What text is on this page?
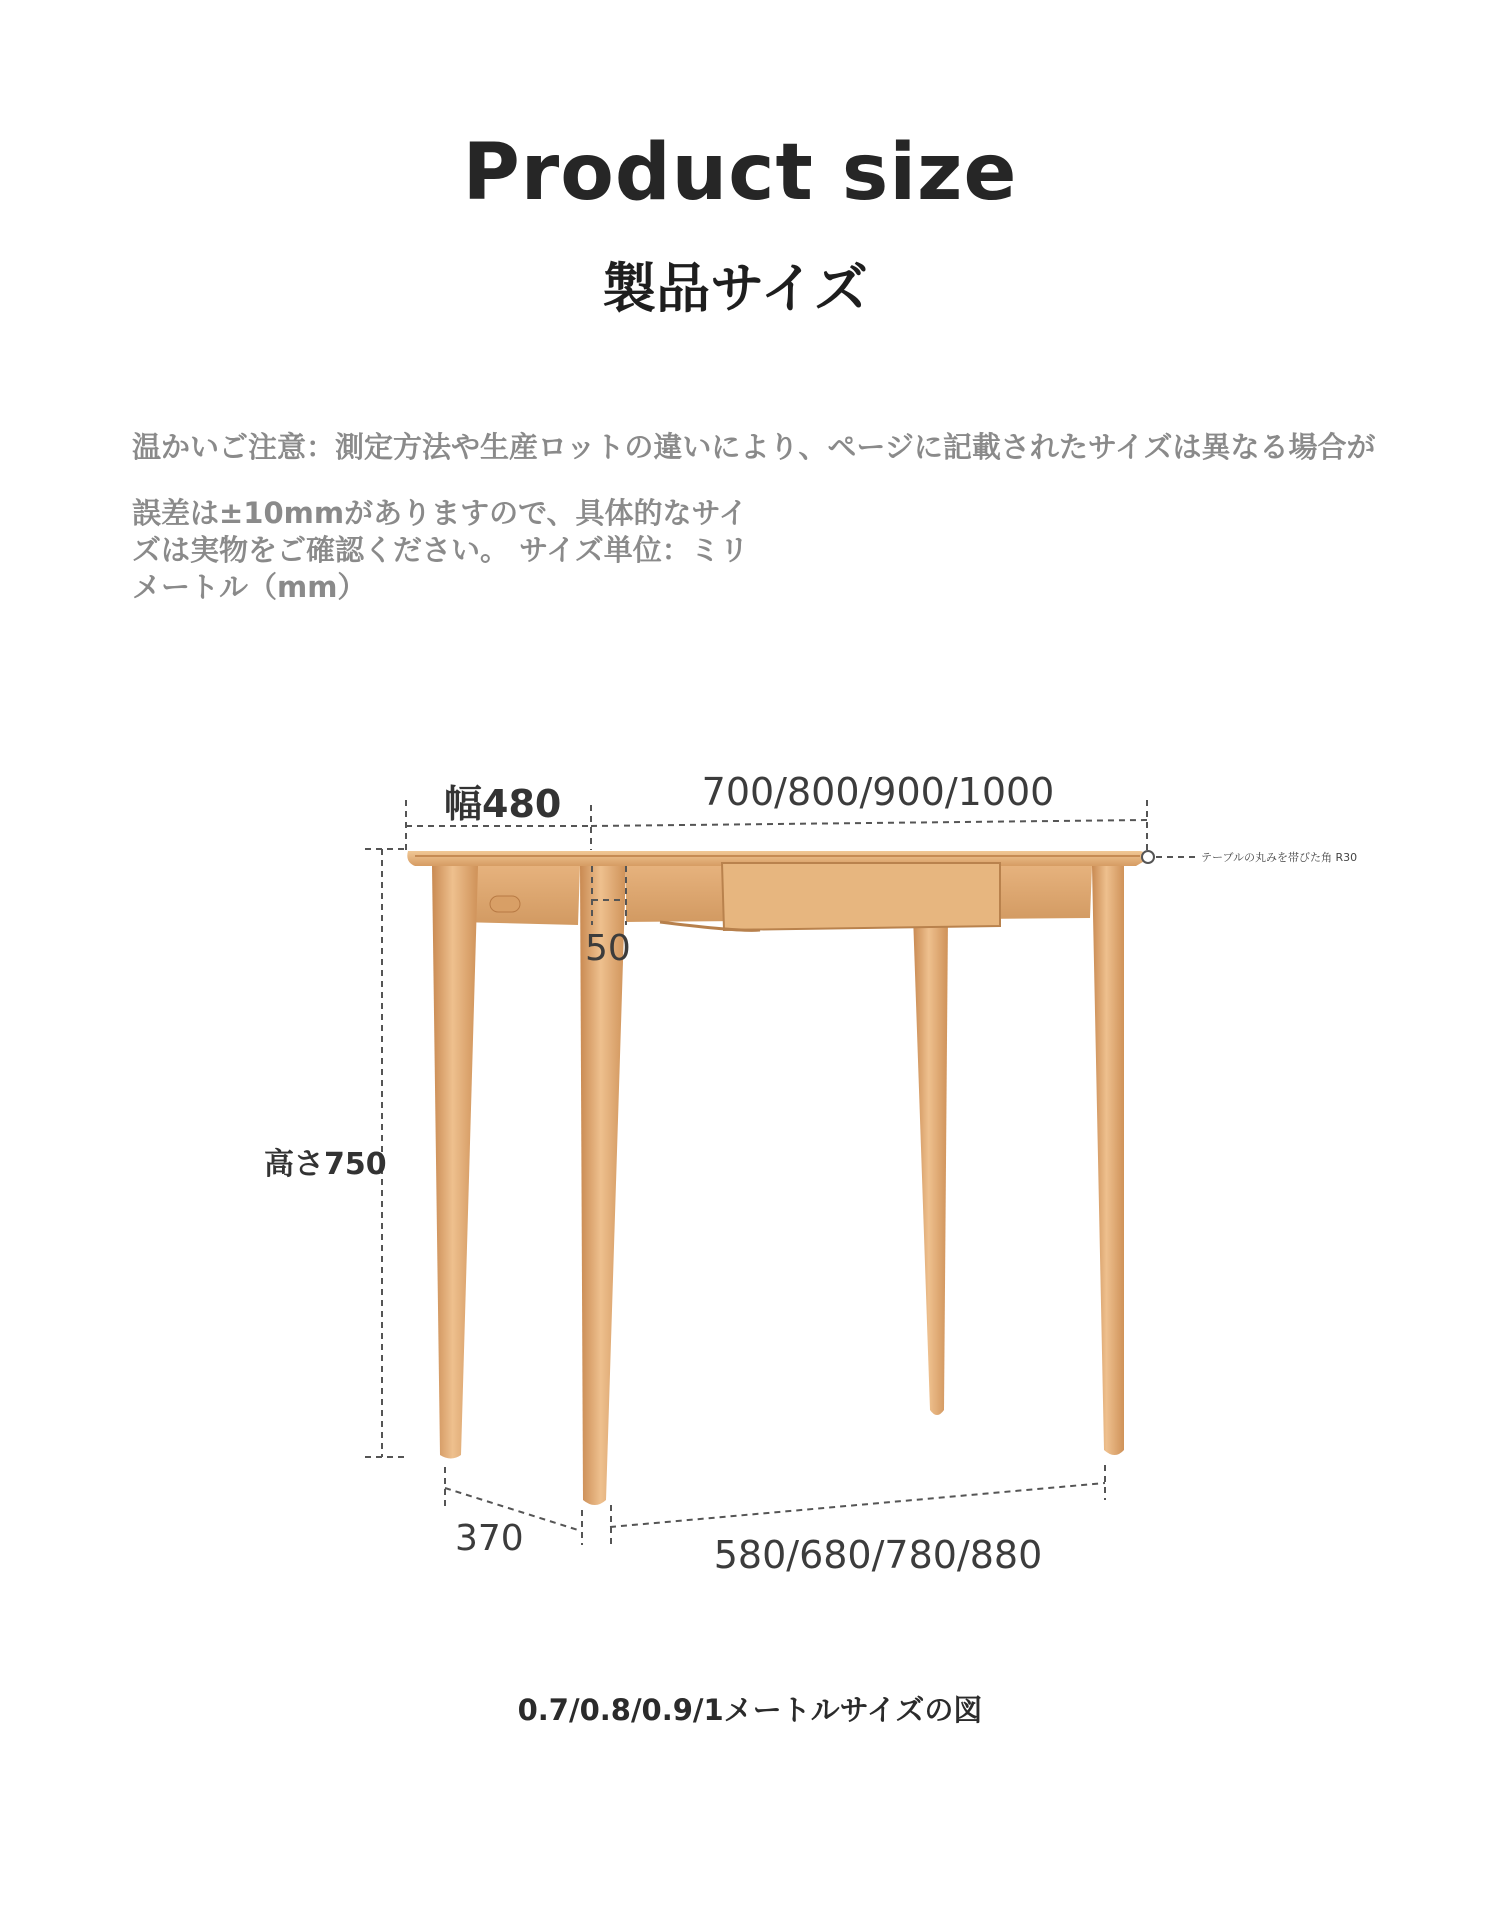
Product size
製品サイズ
温かいご注意：測定方法や生産ロットの違いにより、ページに記載されたサイズは異なる場合が
誤差は±10mmがありますので、具体的なサイ
ズは実物をご確認ください。 サイズ単位：ミリ
メートル（mm）
幅480	700/800/900/1000
テーブルの丸みを帯びた角 R30
50
高さ750
370	580/680/780/880
0.7/0.8/0.9/1メートルサイズの図
